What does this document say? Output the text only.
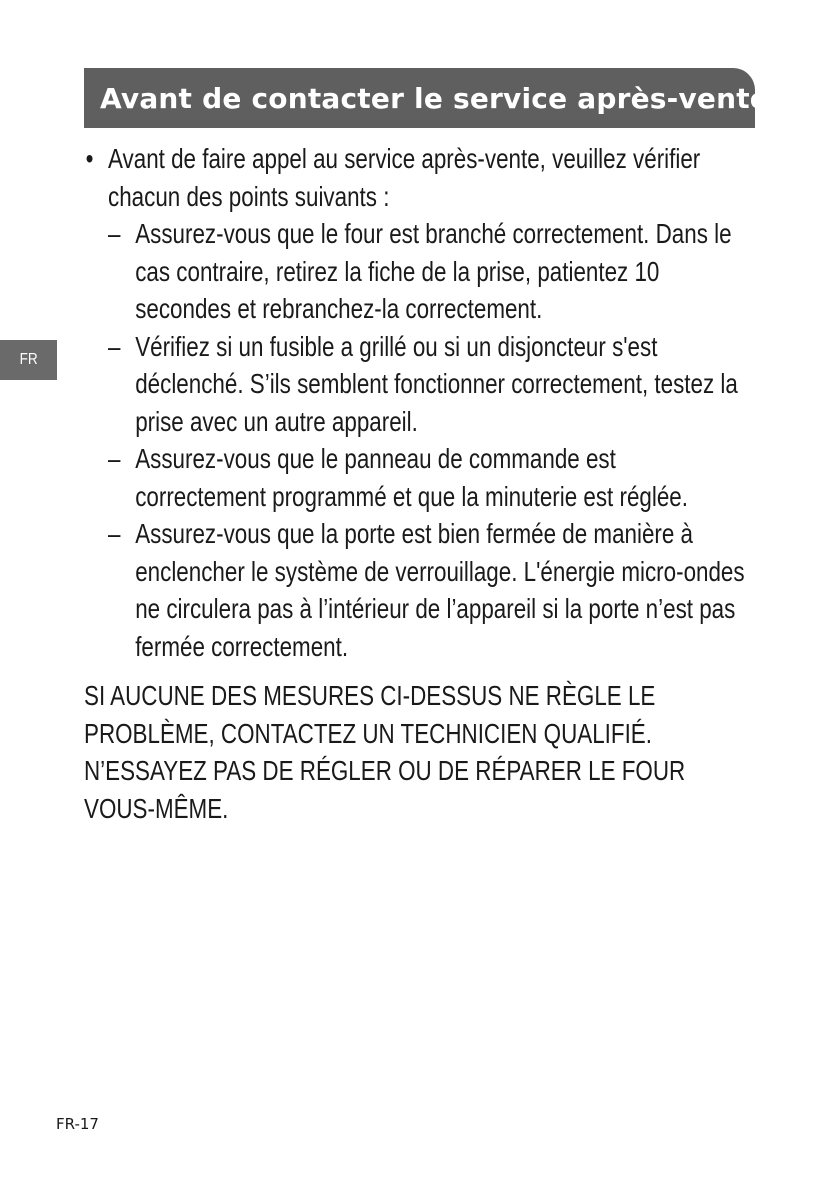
Avant de contacter le service après-vente
FR
• Avant de faire appel au service après-vente, veuillez vérifier chacun des points suivants :
– Assurez-vous que le four est branché correctement. Dans le cas contraire, retirez la fiche de la prise, patientez 10 secondes et rebranchez-la correctement.
– Vérifiez si un fusible a grillé ou si un disjoncteur s'est déclenché. S’ils semblent fonctionner correctement, testez la prise avec un autre appareil.
– Assurez-vous que le panneau de commande est correctement programmé et que la minuterie est réglée.
– Assurez-vous que la porte est bien fermée de manière à enclencher le système de verrouillage. L'énergie micro-ondes ne circulera pas à l’intérieur de l’appareil si la porte n’est pas fermée correctement.
SI AUCUNE DES MESURES CI-DESSUS NE RÈGLE LE PROBLÈME, CONTACTEZ UN TECHNICIEN QUALIFIÉ. N’ESSAYEZ PAS DE RÉGLER OU DE RÉPARER LE FOUR VOUS-MÊME.
FR-17
